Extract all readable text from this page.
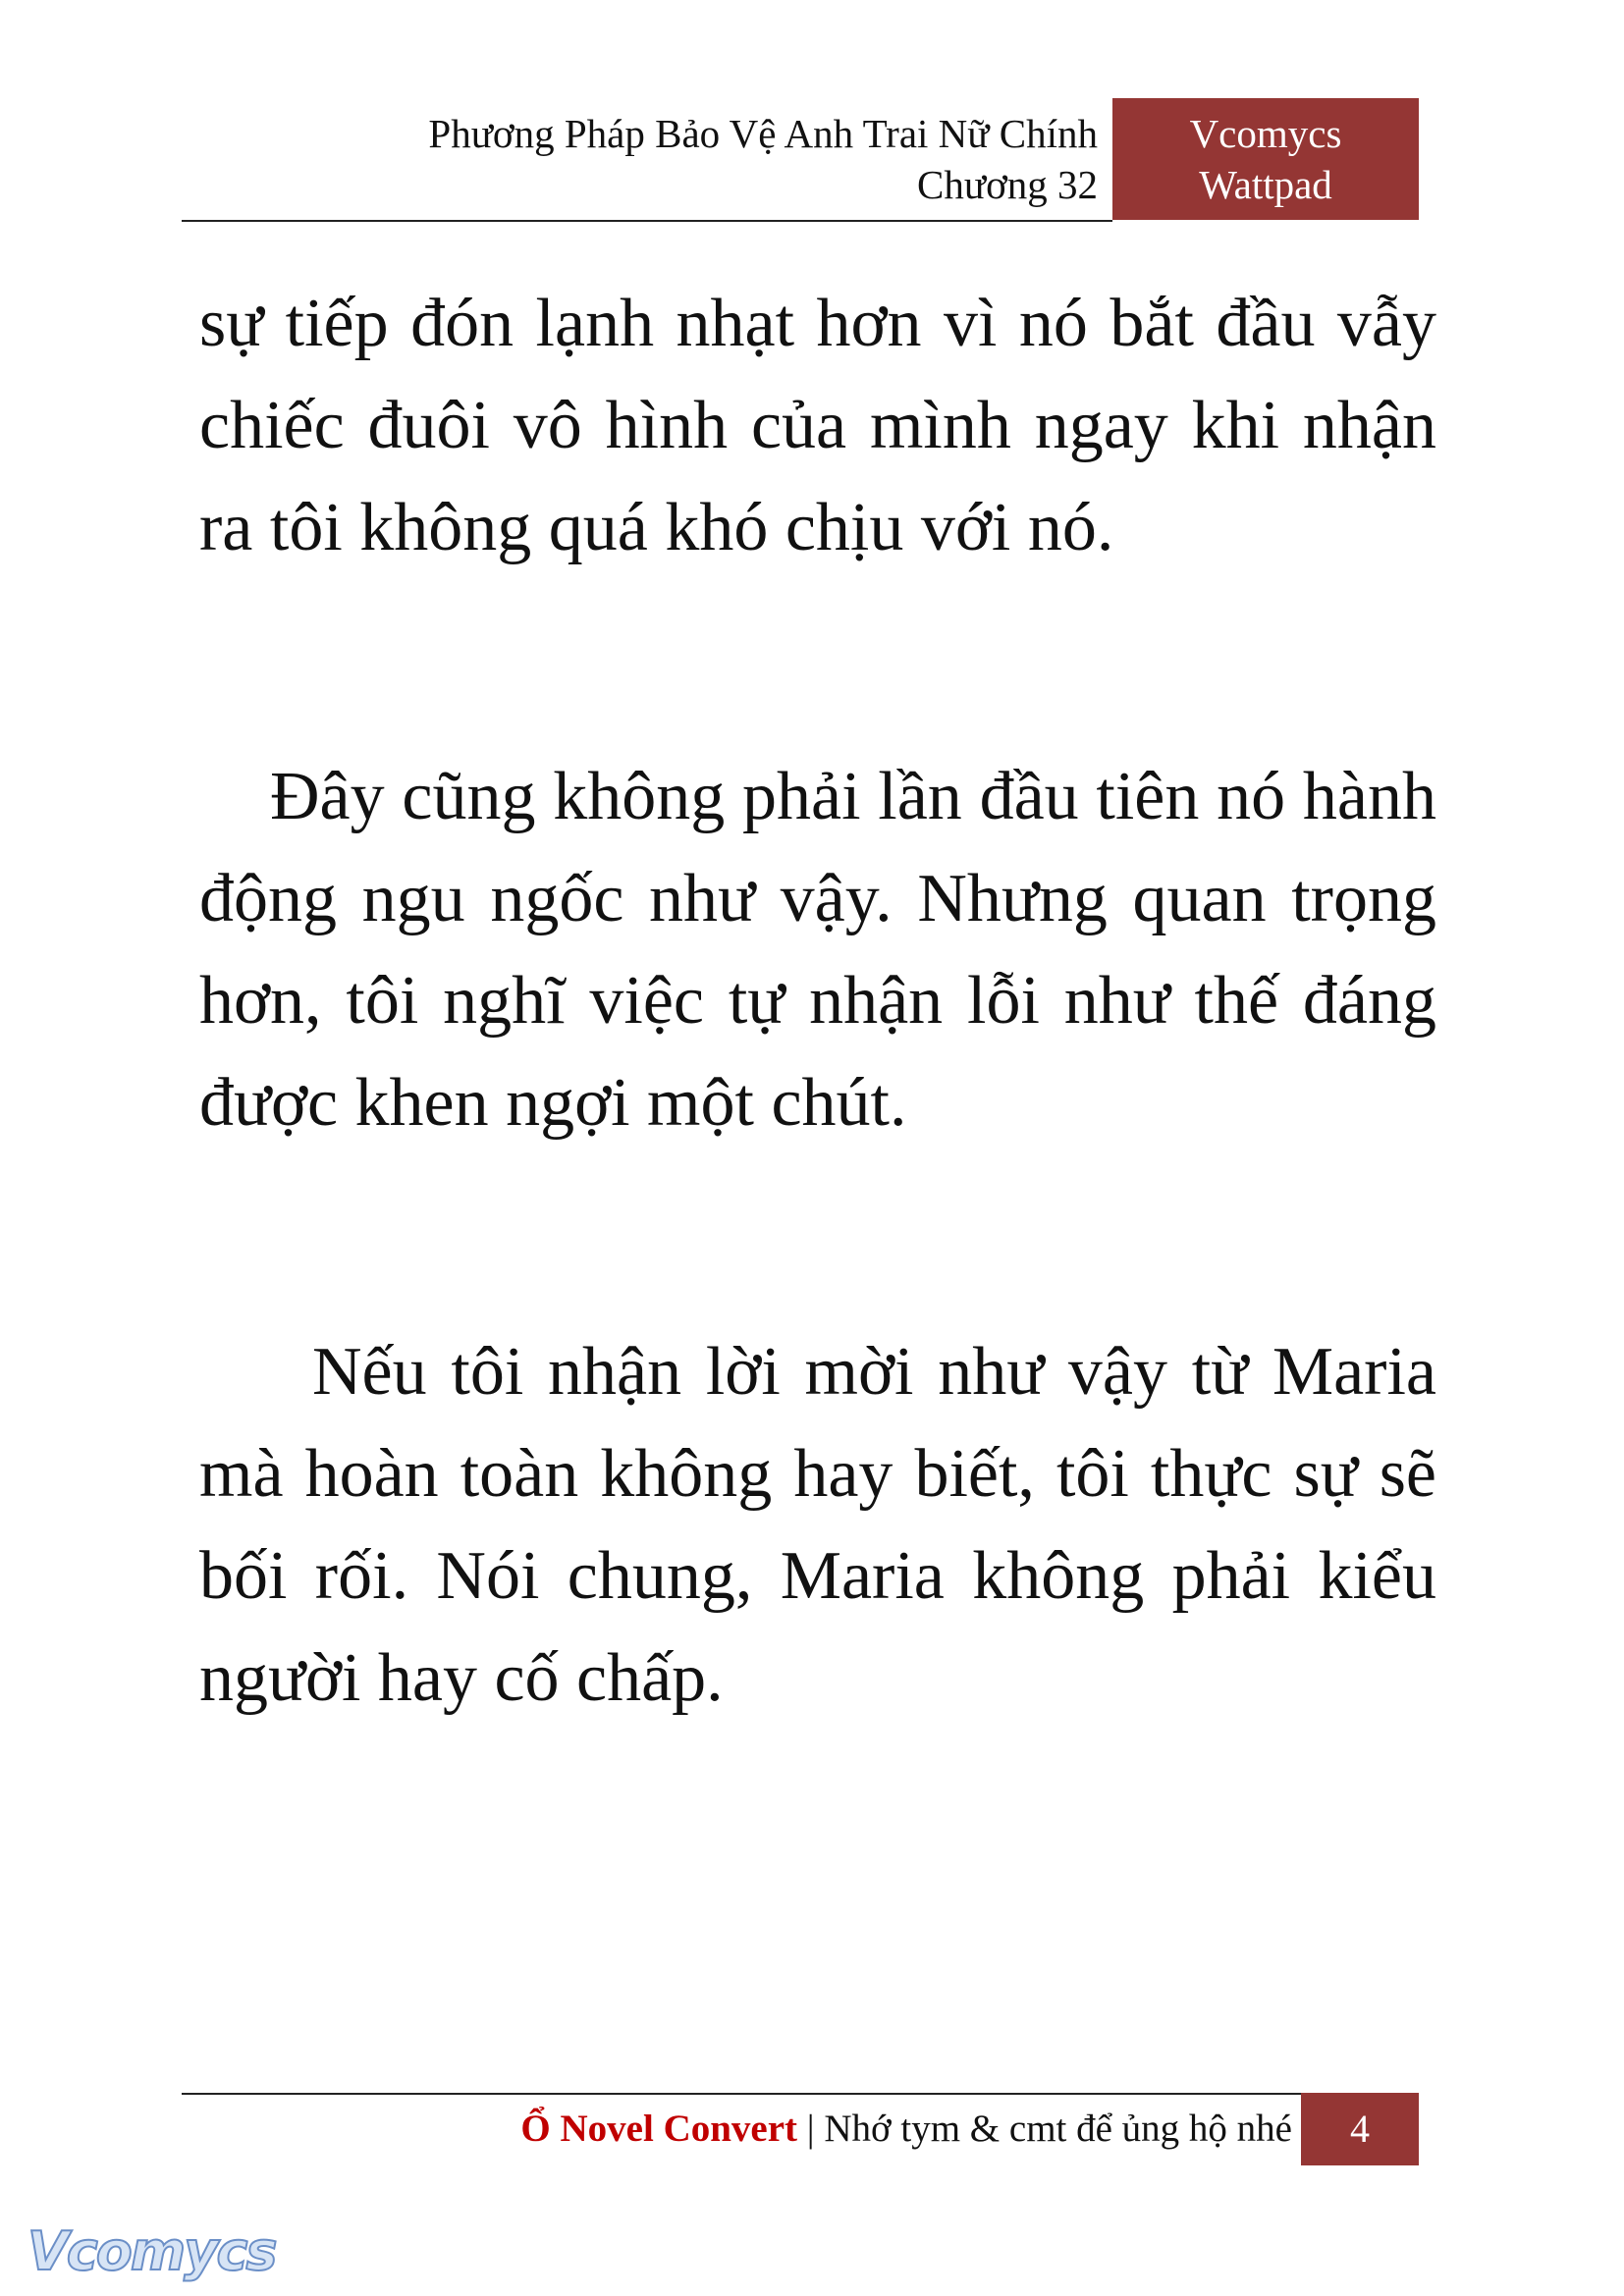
Phương Pháp Bảo Vệ Anh Trai Nữ Chính
Chương 32
Vcomycs
Wattpad

sự tiếp đón lạnh nhạt hơn vì nó bắt đầu vẫy chiếc đuôi vô hình của mình ngay khi nhận ra tôi không quá khó chịu với nó.

Đây cũng không phải lần đầu tiên nó hành động ngu ngốc như vậy. Nhưng quan trọng hơn, tôi nghĩ việc tự nhận lỗi như thế đáng được khen ngợi một chút.

Nếu tôi nhận lời mời như vậy từ Maria mà hoàn toàn không hay biết, tôi thực sự sẽ bối rối. Nói chung, Maria không phải kiểu người hay cố chấp.

Ổ Novel Convert | Nhớ tym & cmt để ủng hộ nhé	4
Vcomycs
